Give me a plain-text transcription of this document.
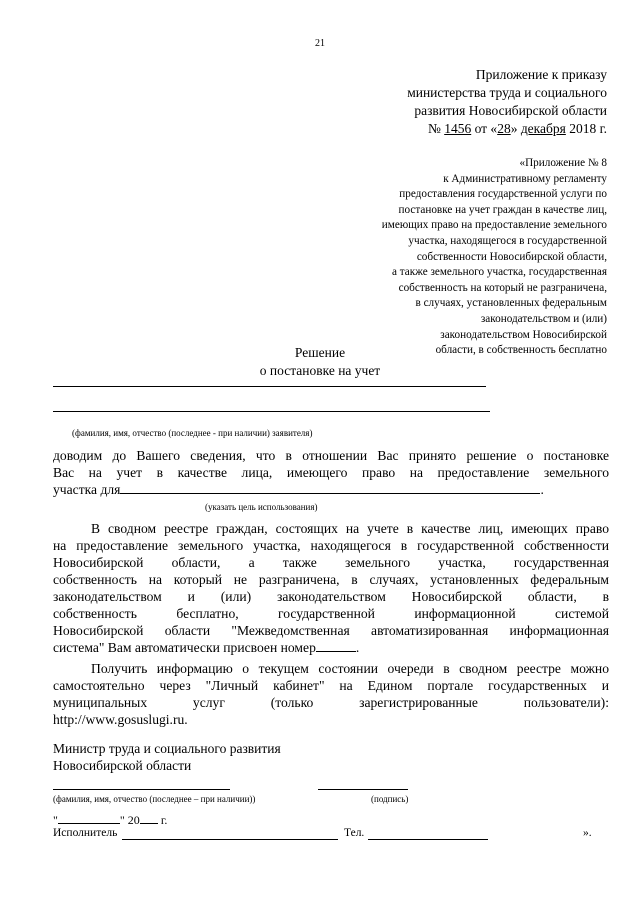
21
Приложение к приказу
министерства труда и социального
развития Новосибирской области
№ 1456 от «28» декабря 2018 г.
«Приложение № 8
к Административному регламенту
предоставления государственной услуги по
постановке на учет граждан в качестве лиц,
имеющих право на предоставление земельного
участка, находящегося в государственной
собственности Новосибирской области,
а также земельного участка, государственная
собственность на который не разграничена,
в случаях, установленных федеральным
законодательством и (или)
законодательством Новосибирской
области, в собственность бесплатно
Решение
о постановке на учет
(фамилия, имя, отчество (последнее - при наличии) заявителя)
доводим до Вашего сведения, что в отношении Вас принято решение о постановке
Вас на учет в качестве лица, имеющего право на предоставление земельного
участка для	.
(указать цель использования)
В сводном реестре граждан, состоящих на учете в качестве лиц, имеющих право
на предоставление земельного участка, находящегося в государственной собственности
Новосибирской области, а также земельного участка, государственная
собственность на который не разграничена, в случаях, установленных федеральным
законодательством и (или) законодательством Новосибирской области, в
собственность бесплатно, государственной информационной системой
Новосибирской области "Межведомственная автоматизированная информационная
система" Вам автоматически присвоен номер	.
Получить информацию о текущем состоянии очереди в сводном реестре можно
самостоятельно через "Личный кабинет" на Едином портале государственных и
муниципальных услуг (только зарегистрированные пользователи):
http://www.gosuslugi.ru.
Министр труда и социального развития
Новосибирской области
(фамилия, имя, отчество (последнее – при наличии))	(подпись)
"	" 20 г.
Исполнитель	Тел.	».
